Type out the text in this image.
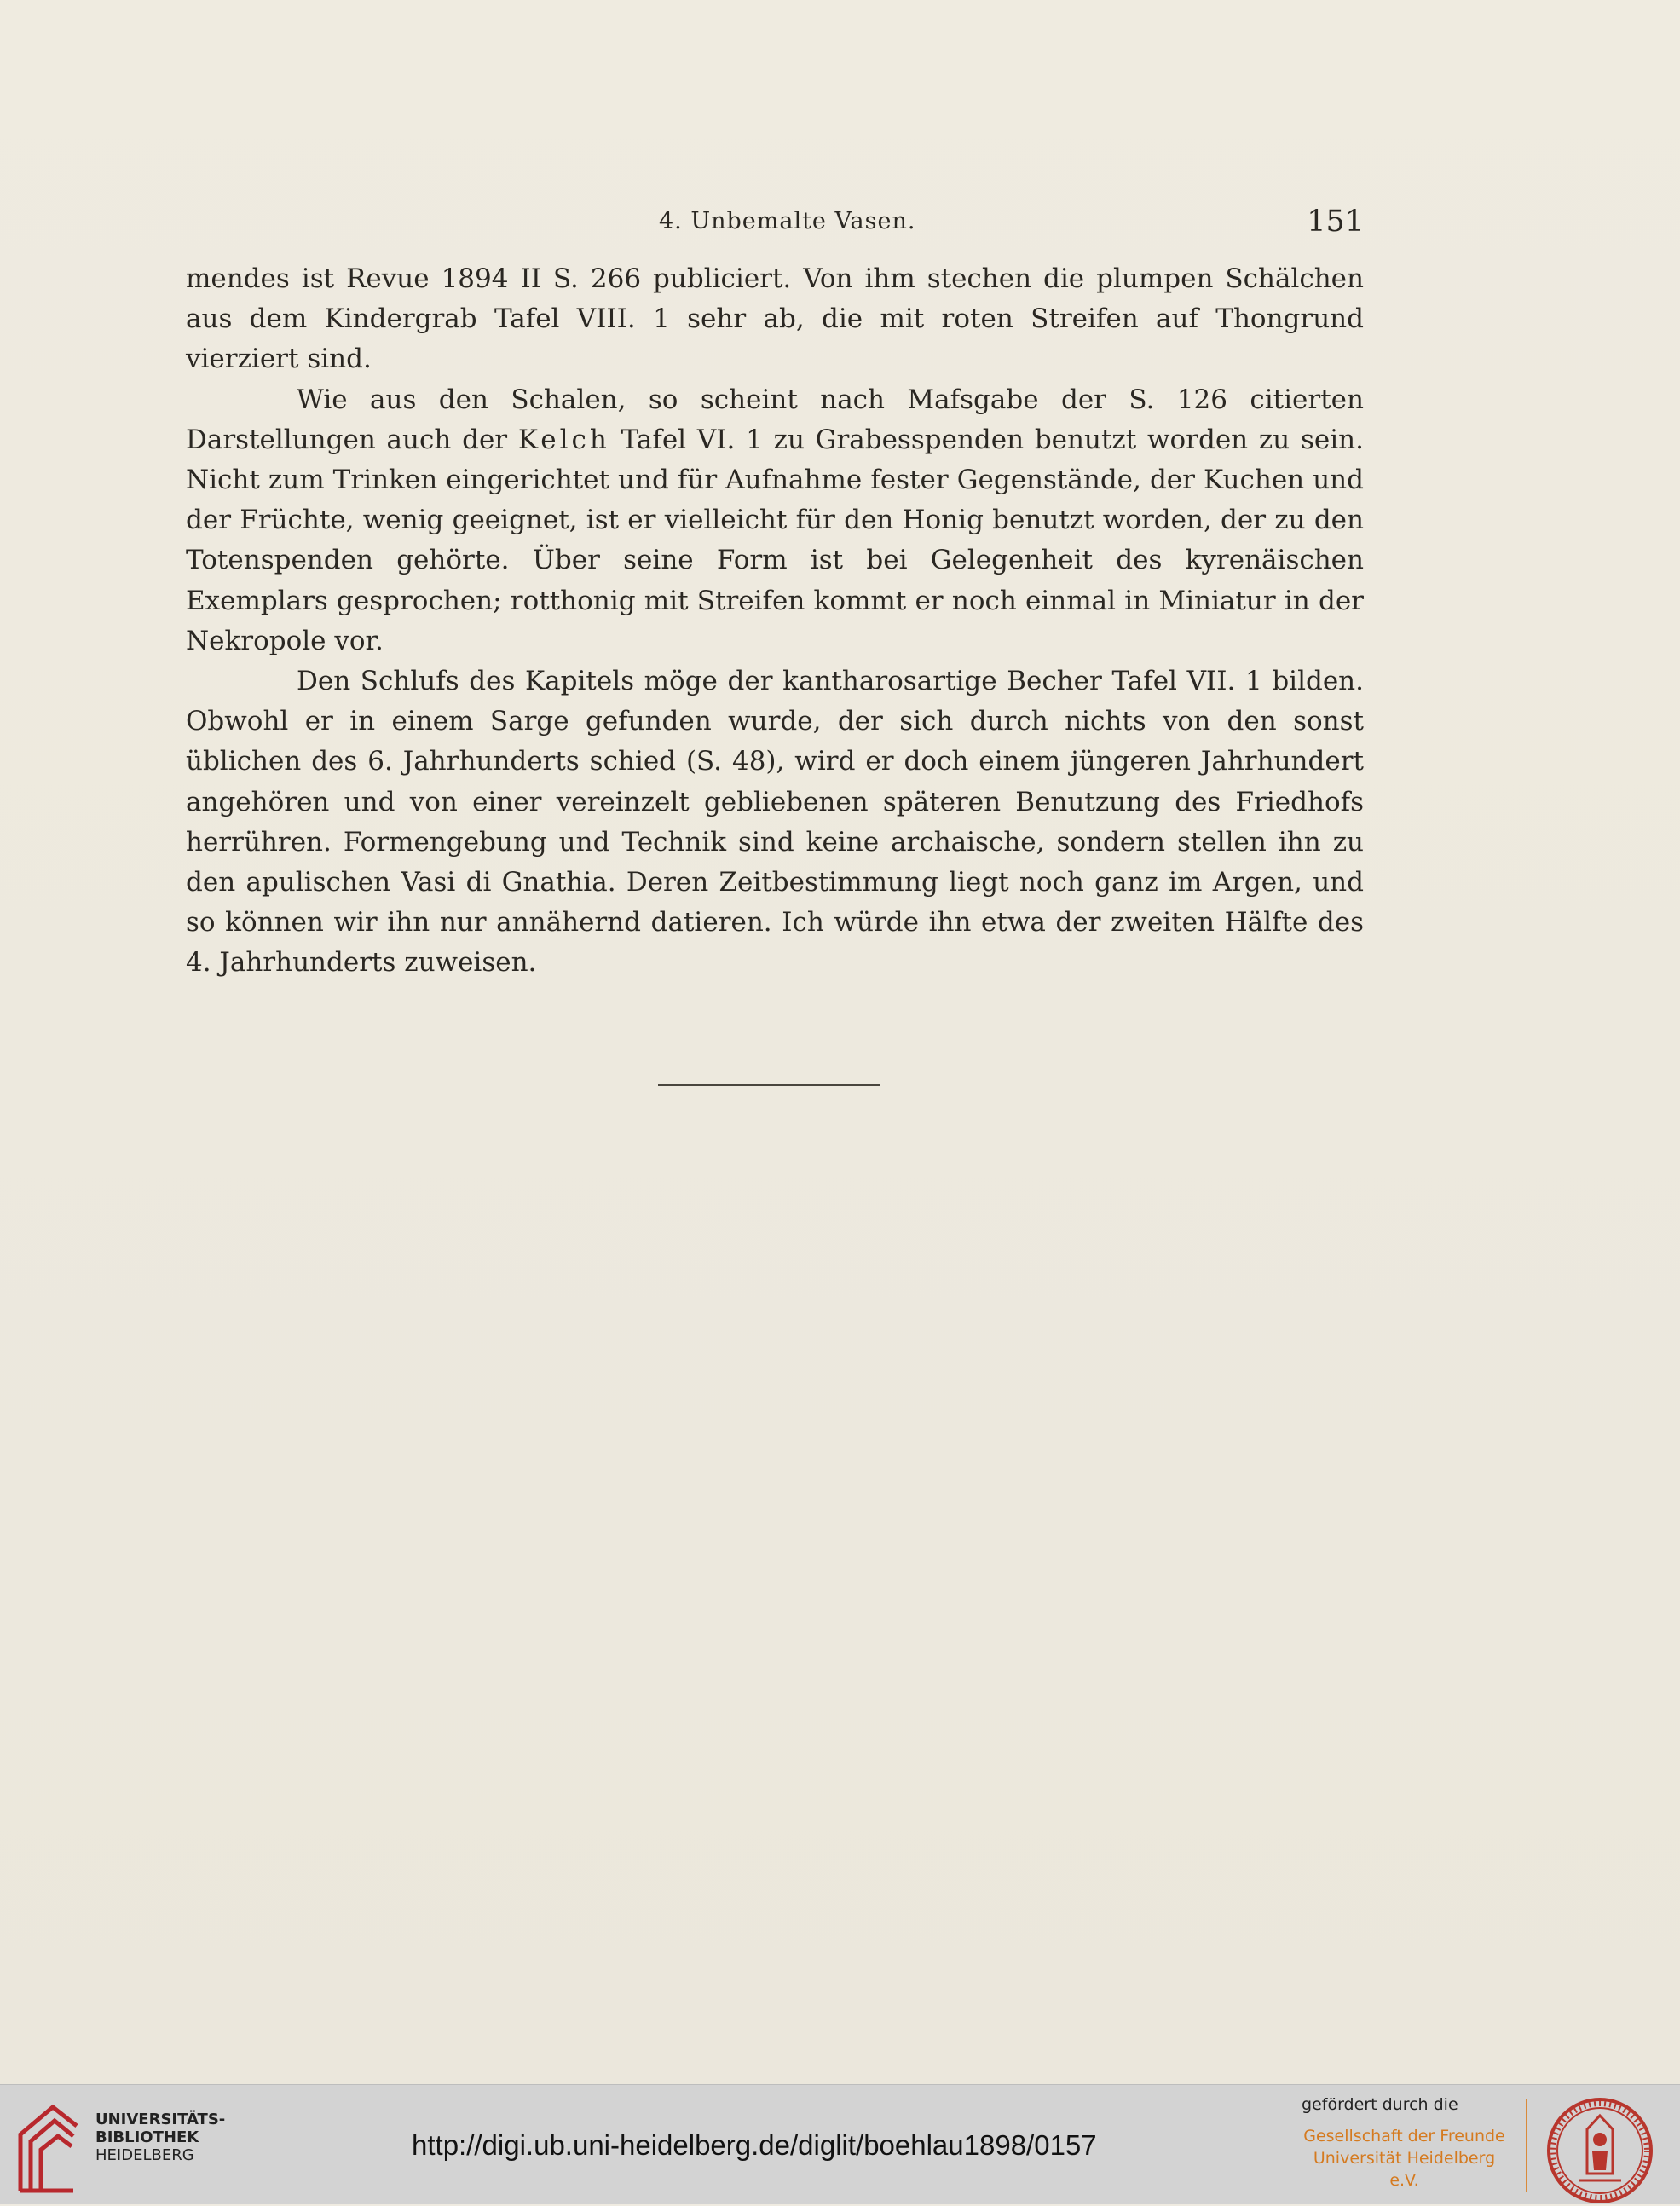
4. Unbemalte Vasen.	151

mendes ist Revue 1894 II S. 266 publiciert. Von ihm stechen die plumpen Schälchen aus dem Kindergrab Tafel VIII. 1 sehr ab, die mit roten Streifen auf Thongrund vierziert sind.

Wie aus den Schalen, so scheint nach Mafsgabe der S. 126 citierten Darstellungen auch der Kelch Tafel VI. 1 zu Grabesspenden benutzt worden zu sein. Nicht zum Trinken eingerichtet und für Aufnahme fester Gegenstände, der Kuchen und der Früchte, wenig geeignet, ist er vielleicht für den Honig benutzt worden, der zu den Totenspenden gehörte. Über seine Form ist bei Gelegenheit des kyrenäischen Exemplars gesprochen; rotthonig mit Streifen kommt er noch einmal in Miniatur in der Nekropole vor.

Den Schlufs des Kapitels möge der kantharosartige Becher Tafel VII. 1 bilden. Obwohl er in einem Sarge gefunden wurde, der sich durch nichts von den sonst üblichen des 6. Jahrhunderts schied (S. 48), wird er doch einem jüngeren Jahrhundert angehören und von einer vereinzelt gebliebenen späteren Benutzung des Friedhofs herrühren. Formengebung und Technik sind keine archaische, sondern stellen ihn zu den apulischen Vasi di Gnathia. Deren Zeitbestimmung liegt noch ganz im Argen, und so können wir ihn nur annähernd datieren. Ich würde ihn etwa der zweiten Hälfte des 4. Jahrhunderts zuweisen.

UNIVERSITÄTS-
BIBLIOTHEK
HEIDELBERG	http://digi.ub.uni-heidelberg.de/diglit/boehlau1898/0157
gefördert durch die
Gesellschaft der Freunde
Universität Heidelberg e.V.
